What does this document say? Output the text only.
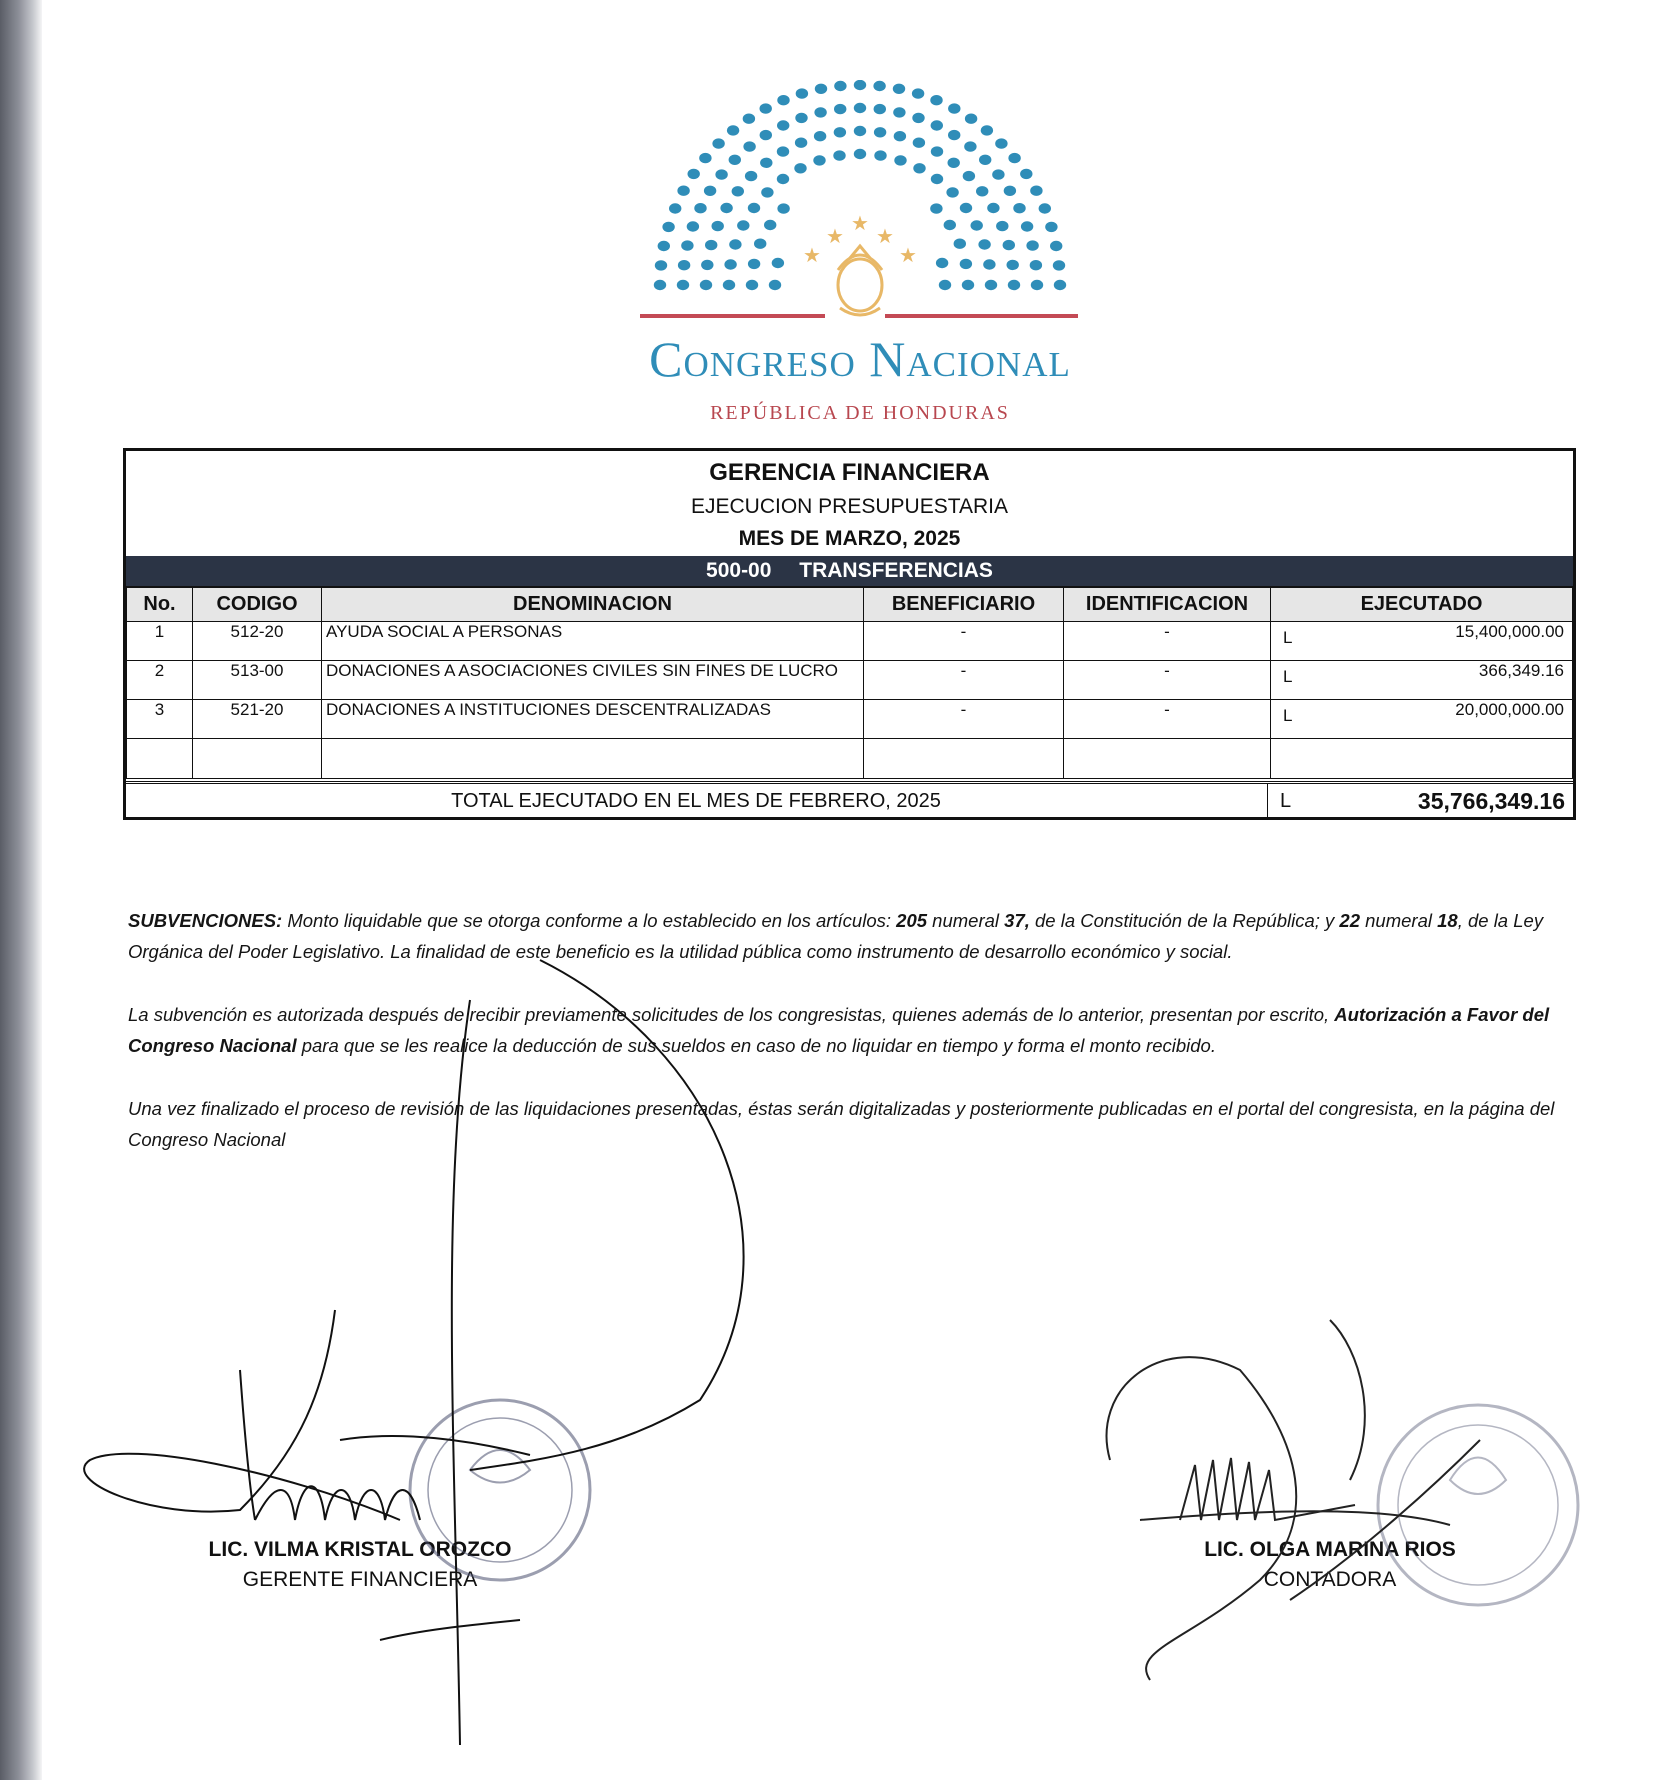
★
★ ★
★	★
Congreso Nacional
REPÚBLICA DE HONDURAS
GERENCIA FINANCIERA
EJECUCION PRESUPUESTARIA
MES DE MARZO, 2025
500-00 TRANSFERENCIAS
No.	CODIGO	DENOMINACION	BENEFICIARIO	IDENTIFICACION	EJECUTADO
1	512-20	AYUDA SOCIAL A PERSONAS	-	-	L 15,400,000.00

2	513-00	DONACIONES A ASOCIACIONES CIVILES SIN FINES DE LUCRO	-	-	L 366,349.16

3	521-20	DONACIONES A INSTITUCIONES DESCENTRALIZADAS	-	-	L 20,000,000.00

TOTAL EJECUTADO EN EL MES DE FEBRERO, 2025	L	35,766,349.16

SUBVENCIONES: Monto liquidable que se otorga conforme a lo establecido en los artículos: 205 numeral 37, de la Constitución de la República; y 22 numeral 18, de la Ley Orgánica del Poder Legislativo. La finalidad de este beneficio es la utilidad pública como instrumento de desarrollo económico y social.

La subvención es autorizada después de recibir previamente solicitudes de los congresistas, quienes además de lo anterior, presentan por escrito, Autorización a Favor del Congreso Nacional para que se les realice la deducción de sus sueldos en caso de no liquidar en tiempo y forma el monto recibido.

Una vez finalizado el proceso de revisión de las liquidaciones presentadas, éstas serán digitalizadas y posteriormente publicadas en el portal del congresista, en la página del Congreso Nacional

LIC. VILMA KRISTAL OROZCO
GERENTE FINANCIERA
LIC. OLGA MARINA RIOS
CONTADORA
